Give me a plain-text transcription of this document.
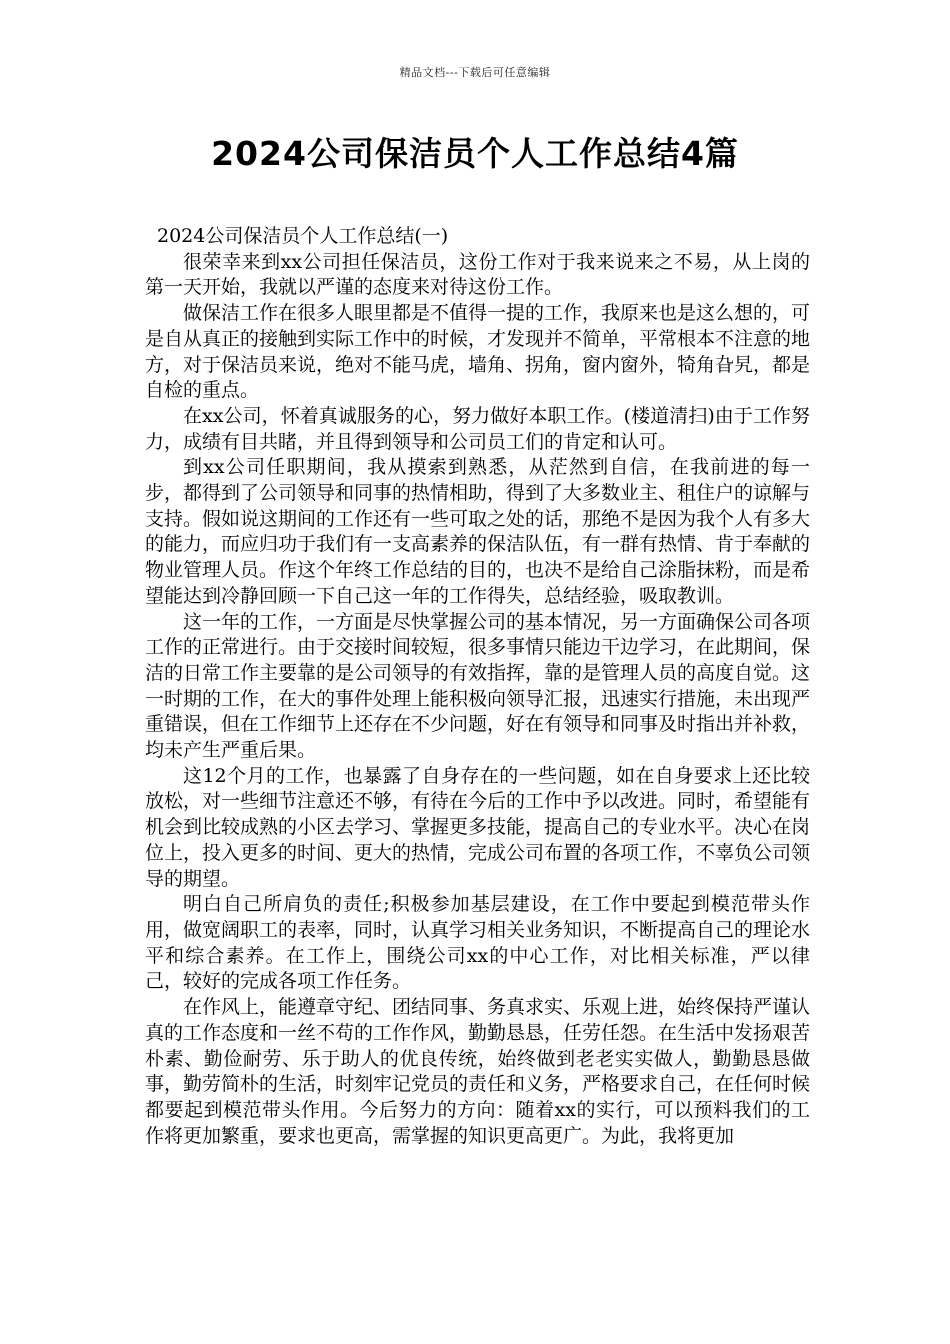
精品文档---下载后可任意编辑
2024公司保洁员个人工作总结4篇

2024公司保洁员个人工作总结(一)

很荣幸来到xx公司担任保洁员，这份工作对于我来说来之不易，从上岗的第一天开始，我就以严谨的态度来对待这份工作。

做保洁工作在很多人眼里都是不值得一提的工作，我原来也是这么想的，可是自从真正的接触到实际工作中的时候，才发现并不简单，平常根本不注意的地方，对于保洁员来说，绝对不能马虎，墙角、拐角，窗内窗外，犄角旮旯，都是自检的重点。

在xx公司，怀着真诚服务的心，努力做好本职工作。(楼道清扫)由于工作努力，成绩有目共睹，并且得到领导和公司员工们的肯定和认可。

到xx公司任职期间，我从摸索到熟悉，从茫然到自信，在我前进的每一步，都得到了公司领导和同事的热情相助，得到了大多数业主、租住户的谅解与支持。假如说这期间的工作还有一些可取之处的话，那绝不是因为我个人有多大的能力，而应归功于我们有一支高素养的保洁队伍，有一群有热情、肯于奉献的物业管理人员。作这个年终工作总结的目的，也决不是给自己涂脂抹粉，而是希望能达到冷静回顾一下自己这一年的工作得失，总结经验，吸取教训。

这一年的工作，一方面是尽快掌握公司的基本情况，另一方面确保公司各项工作的正常进行。由于交接时间较短，很多事情只能边干边学习，在此期间，保洁的日常工作主要靠的是公司领导的有效指挥，靠的是管理人员的高度自觉。这一时期的工作，在大的事件处理上能积极向领导汇报，迅速实行措施，未出现严重错误，但在工作细节上还存在不少问题，好在有领导和同事及时指出并补救，均未产生严重后果。

这12个月的工作，也暴露了自身存在的一些问题，如在自身要求上还比较放松，对一些细节注意还不够，有待在今后的工作中予以改进。同时，希望能有机会到比较成熟的小区去学习、掌握更多技能，提高自己的专业水平。决心在岗位上，投入更多的时间、更大的热情，完成公司布置的各项工作，不辜负公司领导的期望。

明白自己所肩负的责任;积极参加基层建设，在工作中要起到模范带头作用，做宽阔职工的表率，同时，认真学习相关业务知识，不断提高自己的理论水平和综合素养。在工作上，围绕公司xx的中心工作，对比相关标准，严以律己，较好的完成各项工作任务。

在作风上，能遵章守纪、团结同事、务真求实、乐观上进，始终保持严谨认真的工作态度和一丝不苟的工作作风，勤勤恳恳，任劳任怨。在生活中发扬艰苦朴素、勤俭耐劳、乐于助人的优良传统，始终做到老老实实做人，勤勤恳恳做事，勤劳简朴的生活，时刻牢记党员的责任和义务，严格要求自己，在任何时候都要起到模范带头作用。今后努力的方向：随着xx的实行，可以预料我们的工作将更加繁重，要求也更高，需掌握的知识更高更广。为此，我将更加
